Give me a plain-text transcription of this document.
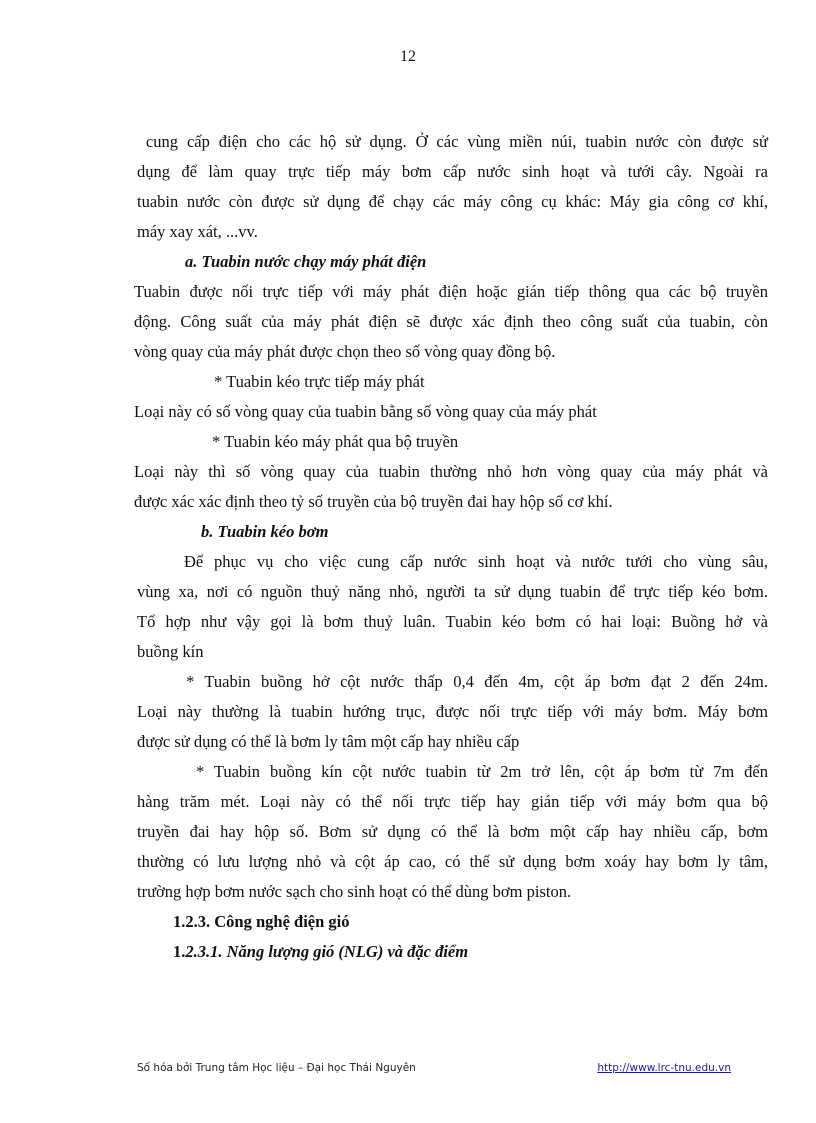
12
cung cấp điện cho các hộ sử dụng. Ở các vùng miền núi, tuabin nước còn được sử
dụng để làm quay trực tiếp máy bơm cấp nước sinh hoạt và tưới cây. Ngoài ra
tuabin nước còn được sử dụng để chạy các máy công cụ khác: Máy gia công cơ khí,
máy xay xát, ...vv.
a. Tuabin nước chạy máy phát điện
Tuabin được nối trực tiếp với máy phát điện hoặc gián tiếp thông qua các bộ truyền
động. Công suất của máy phát điện sẽ được xác định theo công suất của tuabin, còn
vòng quay của máy phát được chọn theo số vòng quay đồng bộ.
* Tuabin kéo trực tiếp máy phát
Loại này có số vòng quay của tuabin bằng số vòng quay của máy phát
* Tuabin kéo máy phát qua bộ truyền
Loại này thì số vòng quay của tuabin thường nhỏ hơn vòng quay của máy phát và
được xác xác định theo tỷ số truyền của bộ truyền đai hay hộp số cơ khí.
b. Tuabin kéo bơm
Để phục vụ cho việc cung cấp nước sinh hoạt và nước tưới cho vùng sâu,
vùng xa, nơi có nguồn thuỷ năng nhỏ, người ta sử dụng tuabin để trực tiếp kéo bơm.
Tổ hợp như vậy gọi là bơm thuỷ luân. Tuabin kéo bơm có hai loại: Buồng hở và
buồng kín
* Tuabin buồng hở cột nước thấp 0,4 đến 4m, cột áp bơm đạt 2 đến 24m.
Loại này thường là tuabin hướng trục, được nối trực tiếp với máy bơm. Máy bơm
được sử dụng có thể là bơm ly tâm một cấp hay nhiều cấp
* Tuabin buồng kín cột nước tuabin từ 2m trở lên, cột áp bơm từ 7m đến
hàng trăm mét. Loại này có thể nối trực tiếp hay gián tiếp với máy bơm qua bộ
truyền đai hay hộp số. Bơm sử dụng có thể là bơm một cấp hay nhiều cấp, bơm
thường có lưu lượng nhỏ và cột áp cao, có thể sử dụng bơm xoáy hay bơm ly tâm,
trường hợp bơm nước sạch cho sinh hoạt có thể dùng bơm piston.
1.2.3. Công nghệ điện gió
1.2.3.1. Năng lượng gió (NLG) và đặc điểm
Số hóa bởi Trung tâm Học liệu – Đại học Thái Nguyên	http://www.lrc-tnu.edu.vn
